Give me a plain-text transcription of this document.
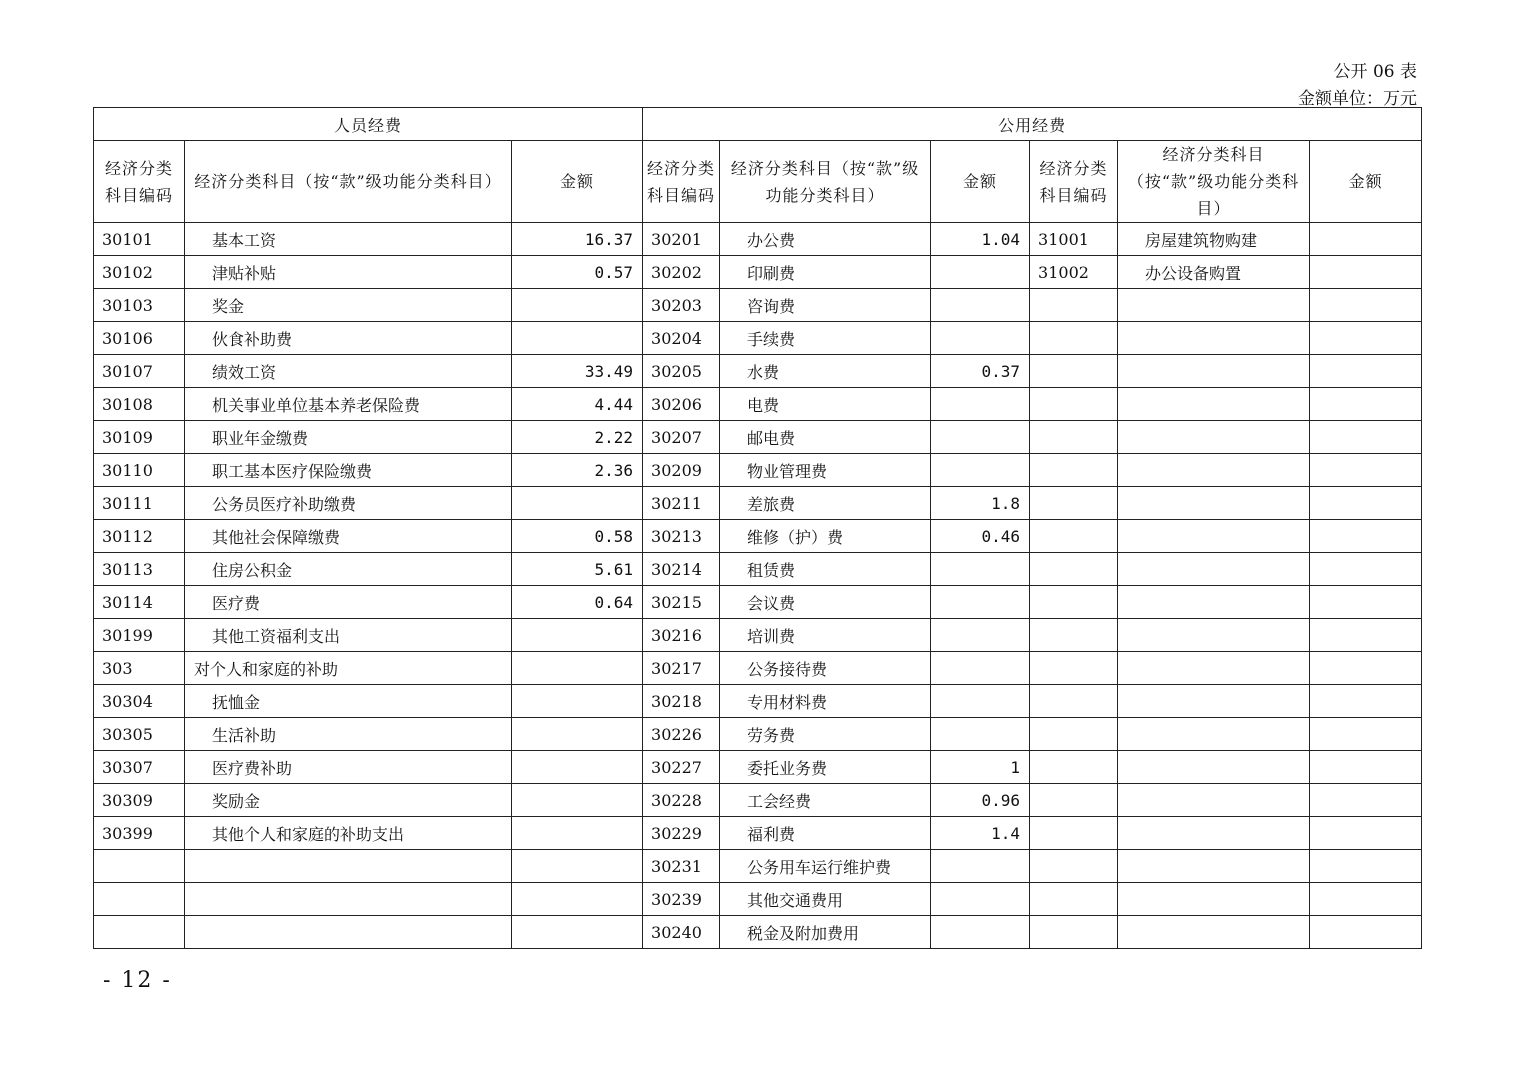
公开 06 表
金额单位：万元
人员经费			公用经费					
经济分类科目编码	经济分类科目（按“款”级功能分类科目）	金额	经济分类科目编码	经济分类科目（按“款”级功能分类科目）	金额	经济分类科目编码	经济分类科目（按“款”级功能分类科目）	金额
30101	基本工资	16.37	30201	办公费	1.04	31001	房屋建筑物购建	
30102	津贴补贴	0.57	30202	印刷费		31002	办公设备购置	
30103	奖金		30203	咨询费				
30106	伙食补助费		30204	手续费				
30107	绩效工资	33.49	30205	水费	0.37			
30108	机关事业单位基本养老保险费	4.44	30206	电费				
30109	职业年金缴费	2.22	30207	邮电费				
30110	职工基本医疗保险缴费	2.36	30209	物业管理费				
30111	公务员医疗补助缴费		30211	差旅费	1.8			
30112	其他社会保障缴费	0.58	30213	维修（护）费	0.46			
30113	住房公积金	5.61	30214	租赁费				
30114	医疗费	0.64	30215	会议费				
30199	其他工资福利支出		30216	培训费				
303	对个人和家庭的补助		30217	公务接待费				
30304	抚恤金		30218	专用材料费				
30305	生活补助		30226	劳务费				
30307	医疗费补助		30227	委托业务费	1			
30309	奖励金		30228	工会经费	0.96			
30399	其他个人和家庭的补助支出		30229	福利费	1.4			
			30231	公务用车运行维护费				
			30239	其他交通费用				
			30240	税金及附加费用				
- 12 -
